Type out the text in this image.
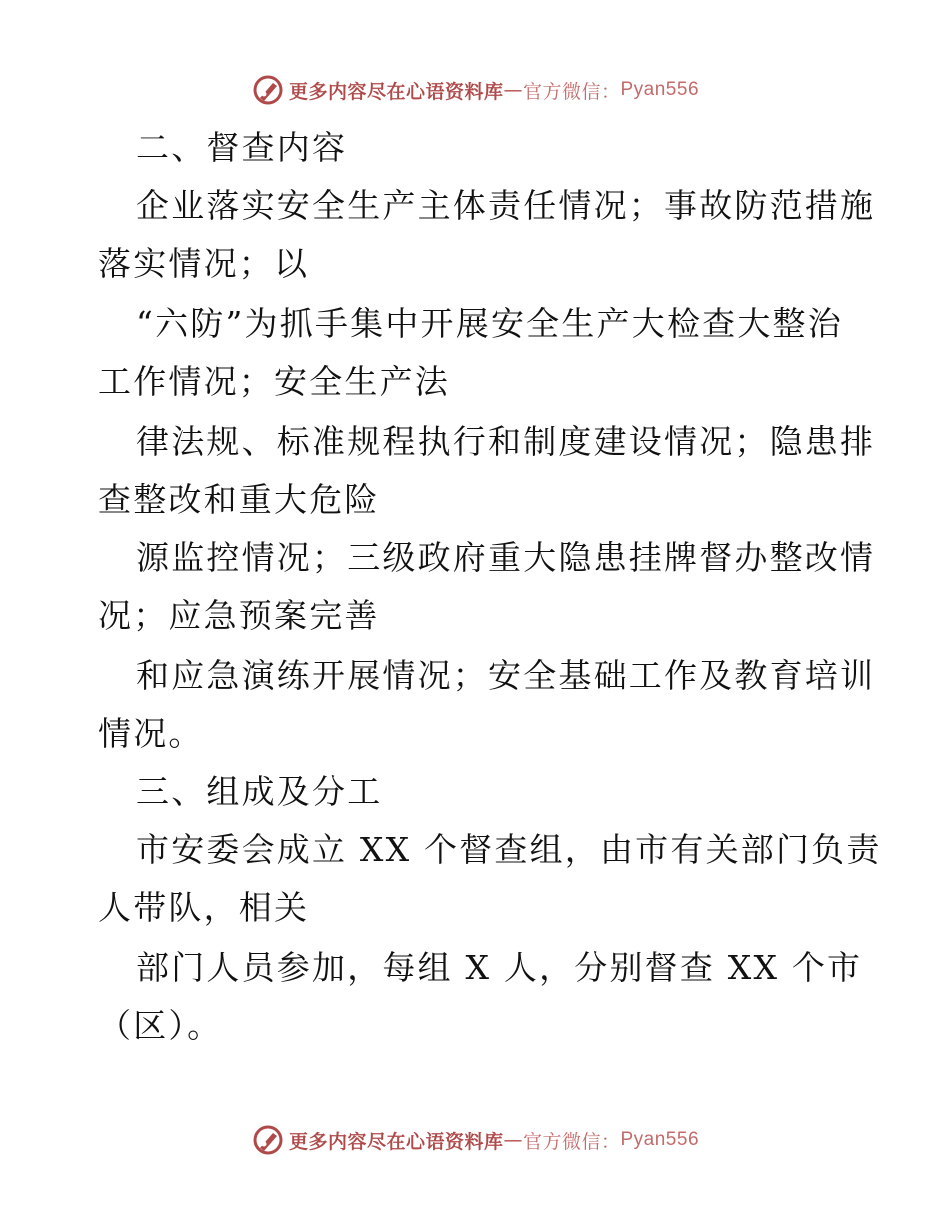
更多内容尽在心语资料库 — 官方微信： Pyan556
二、督查内容
企业落实安全生产主体责任情况；事故防范措施
落实情况；以
“六防”为抓手集中开展安全生产大检查大整治
工作情况；安全生产法
律法规、标准规程执行和制度建设情况；隐患排
查整改和重大危险
源监控情况；三级政府重大隐患挂牌督办整改情
况；应急预案完善
和应急演练开展情况；安全基础工作及教育培训
情况。
三、组成及分工
市安委会成立 XX 个督查组，由市有关部门负责
人带队，相关
部门人员参加，每组 X 人，分别督查 XX 个市
（区）。
更多内容尽在心语资料库 — 官方微信： Pyan556
